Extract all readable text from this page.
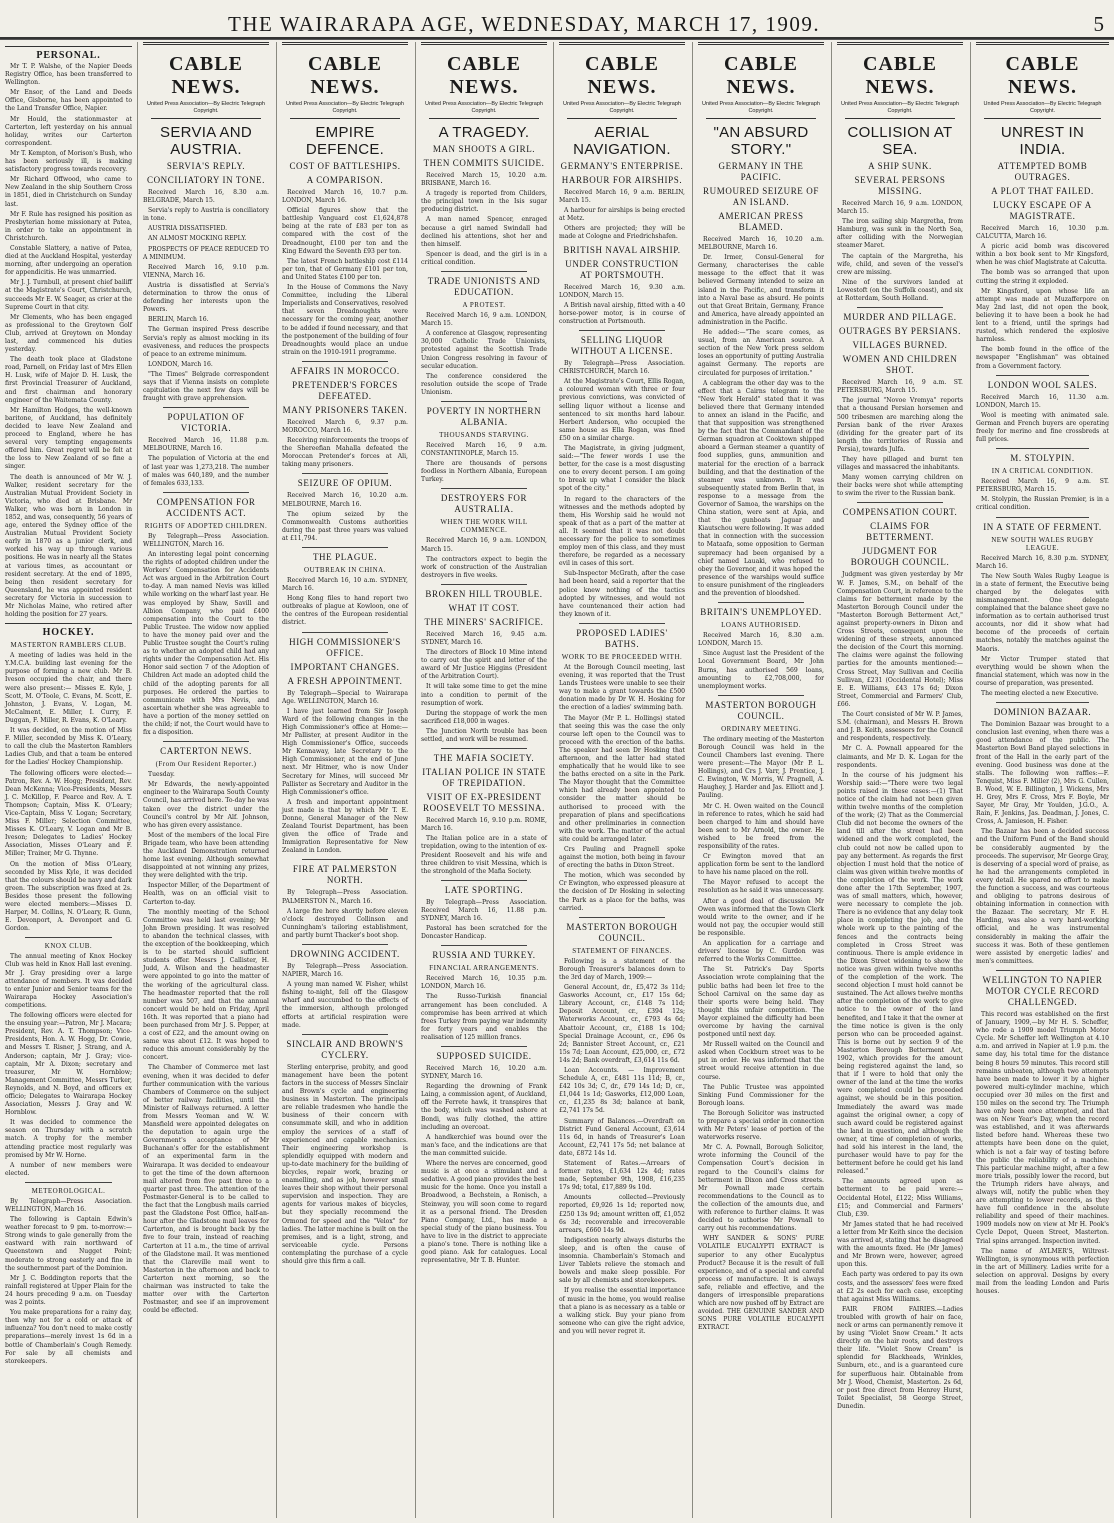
THE WAIRARAPA AGE, WEDNESDAY, MARCH 17, 1909.	5
PERSONAL.

Mr T. P. Walshe, of the Napier Deeds Registry Office, has been transferred to Wellington.

Mr Ensor, of the Land and Deeds Office, Gisborne, has been appointed to the Land Transfer Office, Napier.

Mr Hould, the stationmaster at Carterton, left yesterday on his annual holiday, writes our Carterton correspondent.

Mr T. Kempton, of Morison's Bush, who has been seriously ill, is making satisfactory progress towards recovery.

Mr Richard Offwood, who came to New Zealand in the ship Southern Cross in 1851, died in Christchurch on Sunday last.

Mr F. Rule has resigned his position as Presbyterian home missionary at Patea, in order to take an appointment in Christchurch.

Constable Slattery, a native of Patea, died at the Auckland Hospital, yesterday morning, after undergoing an operation for appendicitis. He was unmarried.

Mr J. J. Turnbull, at present chief bailiff at the Magistrate's Court, Christchurch, succeeds Mr E. W. Seager, as crier at the Supreme Court in that city.

Mr Clements, who has been engaged as professional to the Greytown Golf Club, arrived at Greytown on Monday last, and commenced his duties yesterday.

The death took place at Gladstone road, Parnell, on Friday last of Mrs Ellen H. Lusk, wife of Major D. H. Lusk, the first Provincial Treasurer of Auckland, and first chairman and honorary engineer of the Waitemata County.

Mr Hamilton Hodges, the well-known baritone, of Auckland, has definitely decided to leave New Zealand and proceed to England, where he has several very tempting engagements offered him. Great regret will be felt at the loss to New Zealand of so fine a singer.

The death is announced of Mr W. J. Walker, resident secretary for the Australian Mutual Provident Society in Victoria, who died at Brisbane. Mr Walker, who was born in London in 1852, and was, consequently, 56 years of age, entered the Sydney office of the Australian Mutual Provident Society early in 1870 as a junior clerk, and worked his way up through various positions. He was in nearly all the States at various times, as accountant or resident secretary. At the end of 1895, being then resident secretary for Queensland, he was appointed resident secretary for Victoria in succession to Mr Nicholas Maine, who retired after holding the position for 27 years.

HOCKEY.
MASTERTON RAMBLERS CLUB.

A meeting of ladies was held in the Y.M.C.A. building last evening for the purpose of forming a new club. Mr B. Iveson occupied the chair, and there were also present:— Misses E. Kyle, J. Scott, M. O'Toole, C. Evans, M. Scott, E. Johnston, J. Evans, V. Logan, M. McCalment, E. Miller, I. Curry, F. Duggan, F. Miller, R. Evans, K. O'Leary.

It was decided, on the motion of Miss F. Miller, seconded by Miss K. O'Leary, to call the club the Masterton Ramblers Ladies Club, and that a team be entered for the Ladies' Hockey Championship.

The following officers were elected:—Patron, Rev. A. W. Hogg; President, Rev. Dean McKenna; Vice-Presidents, Messrs J. C. McKillop, F. Pearce and Rev. A. T. Thompson; Captain, Miss K. O'Leary; Vice-Captain, Miss V. Logan; Secretary, Miss F. Miller; Selection Committee, Misses K. O'Leary, V. Logan and Mr B. Iveson; Delegates to Ladies' Hockey Association, Misses O'Leary and F. Miller; Trainer, Mr G. Thynne.

On the motion of Miss O'Leary, seconded by Miss Kyle, it was decided that the colours should be navy and dark green. The subscription was fixed at 2s. Besides those present the following were elected members:—Misses D. Harper, M. Collins, N. O'Leary, R. Gunn, E. Devonport, A. Devonport and G. Gordon.

KNOX CLUB.

The annual meeting of Knox Hockey Club was held in Knox Hall last evening. Mr J. Gray presiding over a large attendance of members. It was decided to enter Junior and Senior teams for the Wairarapa Hockey Association's competitions.

The following officers were elected for the ensuing year:—Patron, Mr J. Macara; President, Rev. A. T. Thompson; Vice-Presidents, Hon. A. W. Hogg, Dr. Cowie, and Messrs T. Risner, J. Strang, and A. Anderson; captain, Mr J. Gray; vice-captain, Mr A. Dixon; secretary and treasurer, Mr W. Hornblow; Management Committee, Messrs Turker, Reynolds, and N. Boyd, and officers ex officio; Delegates to Wairarapa Hockey Association, Messrs J. Gray and W. Hornblow.

It was decided to commence the season on Thursday with a scratch match. A trophy for the member attending practice most regularly was promised by Mr W. Horne.

A number of new members were elected.

METEOROLOGICAL.

By Telegraph—Press Association. WELLINGTON, March 16.

The following is Captain Edwin's weather forecast to 9 pm. to-morrow:—Strong winds to gale generally from the eastward with rain northward of Queenstown and Nugget Point; moderate to strong easterly and fine in the southernmost part of the Dominion.

Mr J. C. Boddington reports that the rainfall registered at Upper Plain for the 24 hours preceding 9 a.m. on Tuesday was 2 points.

You make preparations for a rainy day, then why not for a cold or attack of influenza? You don't need to make costly preparations—merely invest 1s 6d in a bottle of Chamberlain's Cough Remedy. For sale by all chemists and storekeepers.

CABLE NEWS.
United Press Association—By Electric Telegraph Copyright.
SERVIA AND AUSTRIA.
SERVIA'S REPLY.
CONCILIATORY IN TONE.

Received March 16, 8.30 a.m. BELGRADE, March 15.

Servia's reply to Austria is conciliatory in tone.

AUSTRIA DISSATISFIED.

AN ALMOST MOCKING REPLY.

PROSPECTS OF PEACE REDUCED TO A MINIMUM.

Received March 16, 9.10 p.m. VIENNA, March 16.

Austria is dissatisfied at Servia's determination to throw the onus of defending her interests upon the Powers.

BERLIN, March 16.

The German inspired Press describe Servia's reply as almost mocking in its evasiveness, and reduces the prospects of peace to an extreme minimum.

LONDON, March 16.

"The Times" Belgrade correspondent says that if Vienna insists on complete capitulation the next few days will be fraught with grave apprehension.

POPULATION OF VICTORIA.

Received March 16, 11.88 p.m. MELBOURNE, March 16.

The population of Victoria at the end of last year was 1,273,218. The number of males was 640,189, and the number of females 633,133.

COMPENSATION FOR ACCIDENTS ACT.
RIGHTS OF ADOPTED CHILDREN.

By Telegraph—Press Association. WELLINGTON, March 16.

An interesting legal point concerning the rights of adopted children under the Workers' Compensation for Accidents Act was argued in the Arbitration Court to-day. A man named Nevis was killed while working on the wharf last year. He was employed by Shaw, Savill and Albion Company, who paid £400 compensation into the Court to the Public Trustee. The widow now applied to have the money paid over and the Public Trustee sought the Court's ruling as to whether an adopted child had any rights under the Compensation Act. His Honor said section 7 of the Adoption of Children Act made an adopted child the child of the adopting parents for all purposes. He ordered the parties to communicate with Mrs Nevis, and ascertain whether she was agreeable to have a portion of the money settled on the child; if not, the Court would have to fix a disposition.

CARTERTON NEWS.
(From Our Resident Reporter.)

Tuesday.

Mr Edwards, the newly-appointed engineer to the Wairarapa South County Council, has arrived here. To-day he was taken over the district under the Council's control by Mr Alf. Johnson, who has given every assistance.

Most of the members of the local Fire Brigade team, who have been attending the Auckland Demonstration returned home last evening. Although somewhat disappointed at not winning any prizes, they were delighted with the trip.

Inspector Miller, of the Department of Health, was on an official visit to Carterton to-day.

The monthly meeting of the School Committee was held last evening; Mr John Brown presiding. It was resolved to abandon the technical classes, with the exception of the bookkeeping, which is to be started should sufficient students offer. Messrs J. Callister, H. Judd, A. Wilson and the headmaster were appointed to go into the matter of the working of the agricultural class. The headmaster reported that the roll number was 507, and that the annual concert would be held on Friday, April 16th. It was reported that a piano had been purchased from Mr J. S. Pepper, at a cost of £22, and the amount owing on same was about £12. It was hoped to reduce this amount considerably by the concert.

The Chamber of Commerce met last evening, when it was decided to defer further communication with the various Chambers of Commerce on the subject of better railway facilities, until the Minister of Railways returned. A letter from Messrs Yeoman and W. W. Mansfield were appointed delegates on the deputation to again urge the Government's acceptance of Mr Buchanan's offer for the establishment of an experimental farm in the Wairarapa. It was decided to endeavour to get the time of the down afternoon mail altered from five past three to a quarter past three. The attention of the Postmaster-General is to be called to the fact that the Longbush mails carried past the Gladstone Post Office, half-an-hour after the Gladstone mail leaves for Carterton, and is brought back by the five to four train, instead of reaching Carterton at 11 a.m., the time of arrival of the Gladstone mail. It was mentioned that the Clareville mail went to Masterton in the afternoon and back to Carterton next morning, so the chairman was instructed to take the matter over with the Carterton Postmaster, and see if an improvement could be effected.

CABLE NEWS.
United Press Association—By Electric Telegraph Copyright.
EMPIRE DEFENCE.
COST OF BATTLESHIPS.
A COMPARISON.

Received March 16, 10.7 p.m. LONDON, March 16.

Official figures show that the battleship Vanguard cost £1,624,878 being at the rate of £83 per ton as compared with the cost of the Dreadnought, £100 per ton and the King Edward the Seventh £93 per ton.

The latest French battleship cost £114 per ton, that of Germany £101 per ton, and United States £100 per ton.

In the House of Commons the Navy Committee, including the Liberal Imperialists and Conservatives, resolved that seven Dreadnoughts were necessary for the coming year, another to be added if found necessary, and that the postponement of the building of four Dreadnoughts would place an undue strain on the 1910-1911 programme.

AFFAIRS IN MOROCCO.
PRETENDER'S FORCES DEFEATED.
MANY PRISONERS TAKEN.

Received March 6, 9.37 p.m. MOROCCO, March 16.

Receiving reinforcements the troops of the Shereefian Mahalla defeated the Moroccan Pretender's forces at Ali, taking many prisoners.

SEIZURE OF OPIUM.

Received March 16, 10.20 a.m. MELBOURNE, March 16.

The opium seized by the Commonwealth Customs authorities during the past three years was valued at £11,794.

THE PLAGUE.
OUTBREAK IN CHINA.

Received March 16, 10 a.m. SYDNEY, March 16.

Hong Kong files to hand report two outbreaks of plague at Kowloon, one of the centres of the European residential district.

HIGH COMMISSIONER'S OFFICE.
IMPORTANT CHANGES.
A FRESH APPOINTMENT.

By Telegraph—Special to Wairarapa Age. WELLINGTON, March 16.

I have just learned from Sir Joseph Ward of the following changes in the High Commissioner's office at Home:—Mr Pallister, at present Auditor in the High Commissioner's Office, succeeds Mr Kennaway, late Secretary to the High Commissioner, at the end of June next. Mr Hitmer, who is now Under Secretary for Mines, will succeed Mr Pallister as Secretary and Auditor in the High Commissioner's office.

A fresh and important appointment just made is that by which Mr T. E. Donne, General Manager of the New Zealand Tourist Department, has been given the office of Trade and Immigration Representative for New Zealand in London.

FIRE AT PALMERSTON NORTH.

By Telegraph—Press Association. PALMERSTON N., March 16.

A large fire here shortly before eleven o'clock destroyed Collinson and Cunningham's tailoring establishment, and partly burnt Thacker's boot shop.

DROWNING ACCIDENT.

By Telegraph—Press Association. NAPIER, March 16.

A young man named W. Fisher, whilst fishing to-night, fell off the Glasgow wharf and succumbed to the effects of the immersion, although prolonged efforts at artificial respiration were made.

SINCLAIR AND BROWN'S CYCLERY.

Sterling enterprise, probity, and good management have been the potent factors in the success of Messrs Sinclair and Brown's cycle and engineering business in Masterton. The principals are reliable tradesmen who handle the business of their concern with consummate skill, and who in addition employ the services of a staff of experienced and capable mechanics. Their engineering workshop is splendidly equipped with modern and up-to-date machinery for the building of bicycles, repair work, brazing or enamelling, and as job, however small leaves their shop without their personal supervision and inspection. They are agents for various makes of bicycles, but they specially recommend the Ormond for speed and the "Velox" for ladies. The latter machine is built on the premises, and is a light, strong, and serviceable cycle. Persons contemplating the purchase of a cycle should give this firm a call.

CABLE NEWS.
United Press Association—By Electric Telegraph Copyright.
A TRAGEDY.
MAN SHOOTS A GIRL.
THEN COMMITS SUICIDE.

Received March 15, 10.20 a.m. BRISBANE, March 16.

A tragedy is reported from Childers, the principal town in the Isis sugar producing district.

A man named Spencer, enraged because a girl named Swindall had declined his attentions, shot her and then himself.

Spencer is dead, and the girl is in a critical condition.

TRADE UNIONISTS AND EDUCATION.
A PROTEST.

Received March 16, 9 a.m. LONDON, March 15.

A conference at Glasgow, representing 30,000 Catholic Trade Unionists, protested against the Scottish Trade Union Congress resolving in favour of secular education.

The conference considered the resolution outside the scope of Trade Unionism.

POVERTY IN NORTHERN ALBANIA.
THOUSANDS STARVING.

Received March 16, 9 a.m. CONSTANTINOPLE, March 15.

There are thousands of persons foodless in Northern Albania, European Turkey.

DESTROYERS FOR AUSTRALIA.
WHEN THE WORK WILL COMMENCE.

Received March 16, 9 a.m. LONDON, March 15.

The contractors expect to begin the work of construction of the Australian destroyers in five weeks.

BROKEN HILL TROUBLE.
WHAT IT COST.
THE MINERS' SACRIFICE.

Received March 16, 9.45 a.m. SYDNEY, March 16.

The directors of Block 10 Mine intend to carry out the spirit and letter of the award of Mr Justice Higgins (President of the Arbitration Court).

It will take some time to get the mine into a condition to permit of the resumption of work.

During the stoppage of work the men sacrificed £18,000 in wages.

The Junction North trouble has been settled, and work will be resumed.

THE MAFIA SOCIETY.
ITALIAN POLICE IN STATE OF TREPIDATION.
VISIT OF EX-PRESIDENT ROOSEVELT TO MESSINA.

Received March 16, 9.10 p.m. ROME, March 16.

The Italian police are in a state of trepidation, owing to the intention of ex-President Roosevelt and his wife and three children to visit Messina, which is the stronghold of the Mafia Society.

LATE SPORTING.

By Telegraph—Press Association. Received March 16, 11.88 p.m. SYDNEY, March 16.

Pastoral has been scratched for the Doncaster Handicap.

RUSSIA AND TURKEY.
FINANCIAL ARRANGEMENTS.

Received March 16, 10.35 p.m. LONDON, March 16.

The Russo-Turkish financial arrangement has been concluded. A compromise has been arrived at which frees Turkey from paying war indemnity for forty years and enables the realisation of 125 million francs.

SUPPOSED SUICIDE.

Received March 16, 10.20 a.m. SYDNEY, March 16.

Regarding the drowning of Frank Laing, a commission agent, of Auckland, off the Ferrete hawk, it transpires that the body, which was washed ashore at Bondi, was fully clothed, the attire including an overcoat.

A handkerchief was bound over the man's face, and the indications are that the man committed suicide.

Where the nerves are concerned, good music is at once a stimulant and a sedative. A good piano provides the best music for the home. Once you install a Broadwood, a Bechstein, a Ronisch, a Steinway, you will soon come to regard it as a personal friend. The Dresden Piano Company, Ltd., has made a special study of the piano business. You have to live in the district to appreciate a piano's tone. There is nothing like a good piano. Ask for catalogues. Local representative, Mr T. B. Hunter.

CABLE NEWS.
United Press Association—By Electric Telegraph Copyright.
AERIAL NAVIGATION.
GERMANY'S ENTERPRISE.
HARBOUR FOR AIRSHIPS.

Received March 16, 9 a.m. BERLIN, March 15.

A harbour for airships is being erected at Metz.

Others are projected; they will be made at Cologne and Friedrichshafen.

BRITISH NAVAL AIRSHIP.
UNDER CONSTRUCTION AT PORTSMOUTH.

Received March 16, 9.30 a.m. LONDON, March 15.

A British naval airship, fitted with a 40 horse-power motor, is in course of construction at Portsmouth.

SELLING LIQUOR WITHOUT A LICENSE.

By Telegraph—Press Association. CHRISTCHURCH, March 16.

At the Magistrate's Court, Ellis Rogan, a coloured woman with three or four previous convictions, was convicted of selling liquor without a license and sentenced to six months hard labour. Herbert Anderson, who occupied the same house as Ella Rogan, was fined £50 on a similar charge.

The Magistrate, in giving judgment, said:—"The fewer words I use the better, for the case is a most disgusting one to every decent person. I am going to break up what I consider the black spot of the city."

In regard to the characters of the witnesses and the methods adopted by them, His Worship said he would not speak of that as a part of the matter at all. It seemed that it was not doubt necessary for the police to sometimes employ men of this class, and they must therefore, be regarded as a necessary evil in cases of this sort.

Sub-Inspector McGrath, after the case had been heard, said a reporter that the police knew nothing of the tactics adopted by witnesses, and would not have countenanced their action had they known of it.

PROPOSED LADIES' BATHS.
WORK TO BE PROCEEDED WITH.

At the Borough Council meeting, last evening, it was reported that the Trust Lands Trustees were unable to see their way to make a grant towards the £500 donation made by Dr W. H. Hosking for the erection of a ladies' swimming bath.

The Mayor (Mr P. L. Hollings) stated that seeing this was the case the only course left open to the Council was to proceed with the erection of the baths. The speaker had seen Dr Hosking that afternoon, and the latter had stated emphatically that he would like to see the baths erected on a site in the Park. The Mayor thought that the Committee which had already been appointed to consider the matter should be authorised to proceed with the preparation of plans and specifications and other preliminaries in connection with the work. The matter of the actual site could be arranged later.

Crs Pauling and Pragnell spoke against the motion, both being in favour of erecting the baths in Dixon Street.

The motion, which was seconded by Cr Ewington, who expressed pleasure at the decision of Dr Hosking in selecting the Park as a place for the baths, was carried.

MASTERTON BOROUGH COUNCIL.
STATEMENT OF FINANCES.

Following is a statement of the Borough Treasurer's balances down to the 3rd day of March, 1909:—

General Account, dr., £5,472 3s 11d; Gasworks Account, cr., £17 15s 6d; Library Account, cr., £148 7s 11d; Deposit Account, cr., £394 12s; Waterworks Account, cr., £793 4s 6d; Abattoir Account, cr., £188 1s 10d; Special Drainage Account, cr., £96 0s 2d; Bannister Street Account, cr., £21 15s 7d; Loan Account, £25,000, cr., £72 14s 2d; Bank overdraft, £3,614 11s 6d.

Loan Accounts. — Improvement Schedule A, cr., £481 11s 11d; B, cr., £42 10s 3d; C, dr., £79 14s 1d; D, cr., £1,044 1s 1d; Gasworks, £12,000 Loan, cr., £1,235 8s 3d; balance at bank, £2,741 17s 5d.

Summary of Balances.—Overdraft on District Fund General Account, £3,614 11s 6d, in hands of Treasurer's Loan Account, £2,741 17s 5d; net balance at date, £872 14s 1d.

Statement of Rates.—Arrears of former rates, £1,634 12s 4d; rates made, September 9th, 1908, £16,235 17s 9d; total, £17,889 9s 10d.

Amounts collected—Previously reported, £9,926 1s 1d; reported now, £250 13s 9d; amount written off, £1,052 6s 3d; recoverable and irrecoverable arrears, £660 14s 9d.

Indigestion nearly always disturbs the sleep, and is often the cause of insomnia. Chamberlain's Stomach and Liver Tablets relieve the stomach and bowels and make sleep possible. For sale by all chemists and storekeepers.

If you realise the essential importance of music in the home, you would realise that a piano is as necessary as a table or a walking stick. Buy your piano from someone who can give the right advice, and you will never regret it.

CABLE NEWS.
United Press Association—By Electric Telegraph Copyright.
"AN ABSURD STORY."
GERMANY IN THE PACIFIC.
RUMOURED SEIZURE OF AN ISLAND.
AMERICAN PRESS BLAMED.

Received March 16, 10.20 a.m. MELBOURNE, March 16.

Dr. Irmer, Consul-General for Germany, characterises the cable message to the effect that it was believed Germany intended to seize an island in the Pacific, and transform it into a Naval base as absurd. He points out that Great Britain, Germany, France and America, have already appointed an administration in the Pacific.

He added:—"The scare comes, as usual, from an American source. A section of the New York press seldom loses an opportunity of putting Australia against Germany. The reports are circulated for purposes of irritation."

A cablegram the other day was to the effect that a Cairns telegram to the "New York Herald" stated that it was believed there that Germany intended to annex an island in the Pacific, and that that supposition was strengthened by the fact that the Commandant of the German squadron at Cooktown shipped aboard a German steamer a quantity of food supplies, guns, ammunition and material for the erection of a barrack building, and that the destination of the steamer was unknown. It was subsequently stated from Berlin that, in response to a message from the Governor of Samoa, the warships on the China station, were sent at Apia, and that the gunboats Jaguar and Kiautschou were following. It was added that in connection with the succession to Mataafa, some opposition to German supremacy had been organised by a chief named Lauaki, who refused to obey the Governor, and it was hoped the presence of the warships would suffice to ensure punishment of the ringleaders and the prevention of bloodshed.

BRITAIN'S UNEMPLOYED.
LOANS AUTHORISED.

Received March 16, 8.30 a.m. LONDON, March 15.

Since August last the President of the Local Government Board, Mr John Burns, has authorised 569 loans, amounting to £2,708,000, for unemployment works.

MASTERTON BOROUGH COUNCIL.
ORDINARY MEETING.

The ordinary meeting of the Masterton Borough Council was held in the Council Chambers last evening. There were present:—The Mayor (Mr P. L. Hollings), and Crs J. Varr, J. Prentice, J. C. Ewington, W. Morris, W. Pragnell, A. Haughey, J. Harder and Jas. Elliott and J. Pauling.

Mr C. H. Owen waited on the Council in reference to rates, which he said had been charged to him and should have been sent to Mr Arnold, the owner. He wished to be freed from the responsibility of the rates.

Cr Ewington moved that an application form be sent to the landlord to have his name placed on the roll.

The Mayor refused to accept the resolution as he said it was unnecessary.

After a good deal of discussion Mr Owen was informed that the Town Clerk would write to the owner, and if he would not pay, the occupier would still be responsible.

An application for a carriage and drivers' license by C. Gurdon was referred to the Works Committee.

The St. Patrick's Day Sports Association wrote complaining that the public baths had been let free to the School Carnival on the same day as their sports were being held. They thought this unfair competition. The Mayor explained the difficulty had been overcome by having the carnival postponed until next day.

Mr Russell waited on the Council and asked when Cockburn street was to be put in order. He was informed that the street would receive attention in due course.

The Public Trustee was appointed Sinking Fund Commissioner for the Borough loans.

The Borough Solicitor was instructed to prepare a special order in connection with Mr Peters' lease of portion of the waterworks reserve.

Mr C. A. Pownall, Borough Solicitor, wrote informing the Council of the Compensation Court's decision in regard to the Council's claims for betterment in Dixon and Cross streets. Mr Pownall made certain recommendations to the Council as to the collection of the amounts due, and with reference to further claims. It was decided to authorise Mr Pownall to carry out his recommendations.

WHY SANDER & SONS' PURE VOLATILE EUCALYPTI EXTRACT is superior to any other Eucalyptus Product? Because it is the result of full experience, and of a special and careful process of manufacture. It is always safe, reliable and effective, and the dangers of irresponsible preparations which are now pushed off by Extract are avoided. THE GENUINE SANDER AND SONS PURE VOLATILE EUCALYPTI EXTRACT.

CABLE NEWS.
United Press Association—By Electric Telegraph Copyright.
COLLISION AT SEA.
A SHIP SUNK.
SEVERAL PERSONS MISSING.

Received March 16, 9 a.m. LONDON, March 15.

The iron sailing ship Margretha, from Hamburg, was sunk in the North Sea, after colliding with the Norwegian steamer Maret.

The captain of the Margretha, his wife, child, and seven of the vessel's crew are missing.

Nine of the survivors landed at Lowestoft (on the Suffolk coast), and six at Rotterdam, South Holland.

MURDER AND PILLAGE.
OUTRAGES BY PERSIANS.
VILLAGES BURNED.
WOMEN AND CHILDREN SHOT.

Received March 16, 9 a.m. ST. PETERSBURG, March 15.

The journal "Novoe Vremya" reports that a thousand Persian horsemen and 500 tribesmen are marching along the Persian bank of the river Araxes (dividing for the greater part of its length the territories of Russia and Persia), towards Julfa.

They have pillaged and burnt ten villages and massacred the inhabitants.

Many women carrying children on their backs were shot while attempting to swim the river to the Russian bank.

COMPENSATION COURT.
CLAIMS FOR BETTERMENT.
JUDGMENT FOR BOROUGH COUNCIL.

Judgment was given yesterday by Mr W. F. James, S.M., on behalf of the Compensation Court, in reference to the claims for betterment made by the Masterton Borough Council under the "Masterton Borough Betterment Act," against property-owners in Dixon and Cross Streets, consequent upon the widening of these streets, announced the decision of the Court this morning. The claims were against the following parties for the amounts mentioned:—Cross Street, May Sullivan and Cecilia Sullivan, £231 (Occidental Hotel); Miss E. E. Williams, £43 17s 6d; Dixon Street, Commercial and Farmers' Club, £66.

The Court consisted of Mr W. P. James, S.M. (chairman), and Messrs H. Brown and J. B. Keith, assessors for the Council and respondents, respectively.

Mr C. A. Pownall appeared for the claimants, and Mr D. K. Logan for the respondents.

In the course of his judgment his Worship said:—"There were two legal points raised in these cases:—(1) That notice of the claim had not been given within twelve months of the completion of the work; (2) That as the Commercial Club did not become the owners of the land till after the street had been widened and the work completed, the club could not now be called upon to pay any betterment. As regards the first objection I must hold that the notice of claim was given within twelve months of the completion of the work. The work done after the 17th September, 1907, was of small matters, which, however, were necessary to complete the job. There is no evidence that any delay took place in completing the job, and the whole work up to the painting of the fences and the contracts being completed in Cross Street was continuous. There is ample evidence in the Dixon Street widening to show the notice was given within twelve months of the completion of the work. The second objection I must hold cannot be sustained. The Act allows twelve months after the completion of the work to give notice to the owner of the land benefited, and I take it that the owner at the time notice is given is the only person who can be proceeded against. This is borne out by section 9 of the Masterton Borough Betterment Act, 1902, which provides for the amount being registered against the land, so that if I were to hold that only the owner of the land at the time the works were completed could be proceeded against, we should be in this position. Immediately the award was made against the original owner, a copy of such award could be registered against the land in question, and although the owner, at time of completion of works, had sold his interest in the land, the purchaser would have to pay for the betterment before he could get his land released."

The amounts agreed upon as betterment to be paid were:—Occidental Hotel, £122; Miss Williams, £15; and Commercial and Farmers' Club, £39.

Mr James stated that he had received a letter from Mr Keith since the decision was arrived at, stating that he disagreed with the amounts fixed. He (Mr James) and Mr Brown were, however, agreed upon this.

Each party was ordered to pay its own costs, and the assessors' fees were fixed at £2 2s each for each case, excepting that against Miss Williams.

FAIR FROM FAIRIES.—Ladies troubled with growth of hair on face, neck or arms can permanently remove it by using "Violet Snow Cream." It acts directly on the hair roots, and destroys their life. "Violet Snow Cream" is splendid for Blackheads, Wrinkles, Sunburn, etc., and is a guaranteed cure for superfluous hair. Obtainable from Mr J. Wood, Chemist, Masterton. 2s 6d, or post free direct from Henrey Hurst, Toilet Specialist, 58 George Street, Dunedin.

CABLE NEWS.
United Press Association—By Electric Telegraph Copyright.
UNREST IN INDIA.
ATTEMPTED BOMB OUTRAGES.
A PLOT THAT FAILED.
LUCKY ESCAPE OF A MAGISTRATE.

Received March 16, 10.30 p.m. CALCUTTA, March 16.

A picric acid bomb was discovered within a box book sent to Mr Kingsford, when he was chief Magistrate at Calcutta.

The bomb was so arranged that upon cutting the string it exploded.

Mr Kingsford, upon whose life an attempt was made at Muzafferpore on May 2nd last, did not open the book, believing it to have been a book he had lent to a friend, until the springs had rusted, which rendered the explosive harmless.

The bomb found in the office of the newspaper "Englishman" was obtained from a Government factory.

LONDON WOOL SALES.

Received March 16, 11.30 a.m. LONDON, March 15.

Wool is meeting with animated sale. German and French buyers are operating freely for merino and fine crossbreds at full prices.

M. STOLYPIN.
IN A CRITICAL CONDITION.

Received March 16, 9 a.m. ST. PETERSBURG, March 15.

M. Stolypin, the Russian Premier, is in a critical condition.

IN A STATE OF FERMENT.
NEW SOUTH WALES RUGBY LEAGUE.

Received March 16, 8.30 p.m. SYDNEY, March 16.

The New South Wales Rugby League is in a state of ferment, the Executive being charged by the delegates with mismanagement. One delegate complained that the balance sheet gave no information as to certain authorised trust accounts, nor did it show what had become of the proceeds of certain matches, notably the matches against the Maoris.

Mr Victor Trumper stated that everything would be shown when the financial statement, which was now in the course of preparation, was presented.

The meeting elected a new Executive.

DOMINION BAZAAR.

The Dominion Bazaar was brought to a conclusion last evening, when there was a good attendance of the public. The Masterton Bowl Band played selections in front of the Hall in the early part of the evening. Good business was done at the stalls. The following won raffles:—F. Tenquist, Miss F. Miller (2), Mrs G. Cullen, B. Wood, W. E. Billington, J. Wickens, Mrs H. Grey, Mrs F. Cross, Mrs F. Boyle, Mr Sayer, Mr Gray, Mr Youlden, J.G.O., A. Rain, F. Jenkins, Jas. Deadman, J. Jones, C. Cross, A. Jamieson, H. Fisher.

The Bazaar has been a decided success and the Uniform Fund of the Band should be considerably augmented by the proceeds. The supervisor, Mr George Gray, is deserving of a special word of praise, as he had the arrangements completed in every detail. He spared no effort to make the function a success, and was courteous and obliging to patrons desirous of obtaining information in connection with the Bazaar. The secretary, Mr F. H. Harding, was also a very hard-working official, and he was instrumental considerably in making the affair the success it was. Both of these gentlemen were assisted by energetic ladies' and men's committees.

WELLINGTON TO NAPIER MOTOR CYCLE RECORD CHALLENGED.

This record was established on the first of January, 1909,—by Mr H. S. Scheffer, who rode a 1909 model Triumph Motor Cycle. Mr Scheffer left Wellington at 4.10 a.m. and arrived in Napier at 1.9 p.m. the same day, his total time for the distance being 8 hours 59 minutes. This record still remains unbeaten, although two attempts have been made to lower it by a higher powered multi-cylinder machine, which occupied over 30 miles on the first and 150 miles on the second try. The Triumph have only been once attempted, and that was on New Year's Day, when the record was established, and it was afterwards listed before hand. Whereas these two attempts have been done on the quiet, which is not a fair way of testing before the public the reliability of a machine. This particular machine might, after a few more trials, possibly lower the record, but the Triumph riders have always, and always will, notify the public when they are attempting to lower records, as they have full confidence in the absolute reliability and speed of their machines. 1909 models now on view at Mr H. Pook's Cycle Depot, Queen Street, Masterton. Trial spins arranged. Inspection invited.

The name of AYLMER'S, Wiltrest-Wellington, is synonymous with perfection in the art of Millinery. Ladies write for a selection on approval. Designs by every mail from the leading London and Paris houses.
